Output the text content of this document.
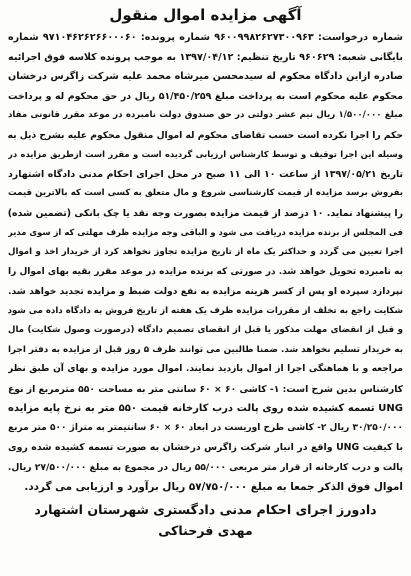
آگهی مزایده اموال منقول
شماره درخواست: ۹۶۰۰۹۹۸۲۶۲۷۳۰۰۹۶۳ شماره پرونده: ۹۷۱۰۴۶۲۶۲۶۶۰۰۰۶۰ شماره
بایگانی شعبه: ۹۶۰۶۲۹ تاریخ تنظیم: ۱۳۹۷/۰۴/۱۲ به موجب پرونده کلاسه فوق اجرائیه
صادره ازاین دادگاه محکوم له سیدمحسن میرشاه محمد علیه شرکت زاگرس درخشان
محکوم علیه محکوم است به پرداخت مبلغ ۵۱/۴۵۰/۲۵۹ ریال در حق محکوم له و پرداخت
مبلغ ۱/۵۰۰/۰۰۰ ریال نیم عشر دولتی در حق صندوق دولت نامبرده در موعد مقرر قانونی مفاد
حکم را اجرا نکرده است حسب تقاضای محکوم له اموال منقول محکوم علیه بشرح ذیل به
وسیله این اجرا توقیف و توسط کارشناس ارزیابی گردیده است و مقرر است ازطریق مزایده در
تاریخ ۱۳۹۷/۰۵/۲۱ از ساعت ۱۰ الی ۱۱ صبح در محل اجرای احکام مدنی دادگاه اشتهارد
بفروش برسد مزایده از قیمت کارشناسی شروع و مال متعلق به کسی است که بالاترین قیمت
را پیشنهاد نماید. ۱۰ درصد از قیمت مزایده بصورت وجه نقد یا چک بانکی (تضمین شده)
فی المجلس از برنده مزایده دریافت می شود و الباقی وجه مزایده ظرف مهلتی که از سوی مدیر
اجرا تعیین می گردد و حداکثر یک ماه از تاریخ مزایده تجاوز نخواهد کرد از خریدار اخذ و اموال
به نامبرده تحویل خواهد شد. در صورتی که برنده مزایده در موعد مقرر بقیه بهای اموال را
نپردازد سپرده او پس از کسر هزینه مزایده به نفع دولت ضبط و مزایده تجدید خواهد شد.
شکایت راجع به تخلف از مقررات مزایده ظرف یک هفته از تاریخ فروش به دادگاه داده می شود
و قبل از انقضای مهلت مذکور یا قبل از انقضای تصمیم دادگاه (درصورت وصول شکایت) مال
به خریدار تسلیم نخواهد شد. ضمنا طالبین می توانند ظرف ۵ روز قبل از مزایده به دفتر اجرا
مراجعه و با هماهنگی اجرا از اموال بازدید نمایند. اموال مورد مزایده و بهای آن طبق نظر
کارشناس بدین شرح است: ۱- کاشی ۶۰ × ۶۰ سانتی متر به مساحت ۵۵۰ مترمربع از نوع
UNG تسمه کشیده شده روی پالت درب کارخانه قیمت ۵۵۰ متر به نرخ پایه مزایده
۳۰/۲۵۰/۰۰۰ ریال ۲- کاشی طرح اوریست در ابعاد ۶۰ × ۶۰ سانتیمتر به متراژ ۵۰۰ متر مربع
با کیفیت UNG واقع در انبار شرکت زاگرس درخشان به صورت تسمه کشیده شده روی
پالت و درب کارخانه از قرار متر مربعی ۵۵/۰۰۰ ریال در مجموع به مبلغ ۲۷/۵۰۰/۰۰۰ ریال.
اموال فوق الذکر جمعا به مبلغ ۵۷/۷۵۰/۰۰۰ ریال برآورد و ارزیابی می گردد.
دادورز اجرای احکام مدنی دادگستری شهرستان اشتهارد
مهدی فرحناکی
